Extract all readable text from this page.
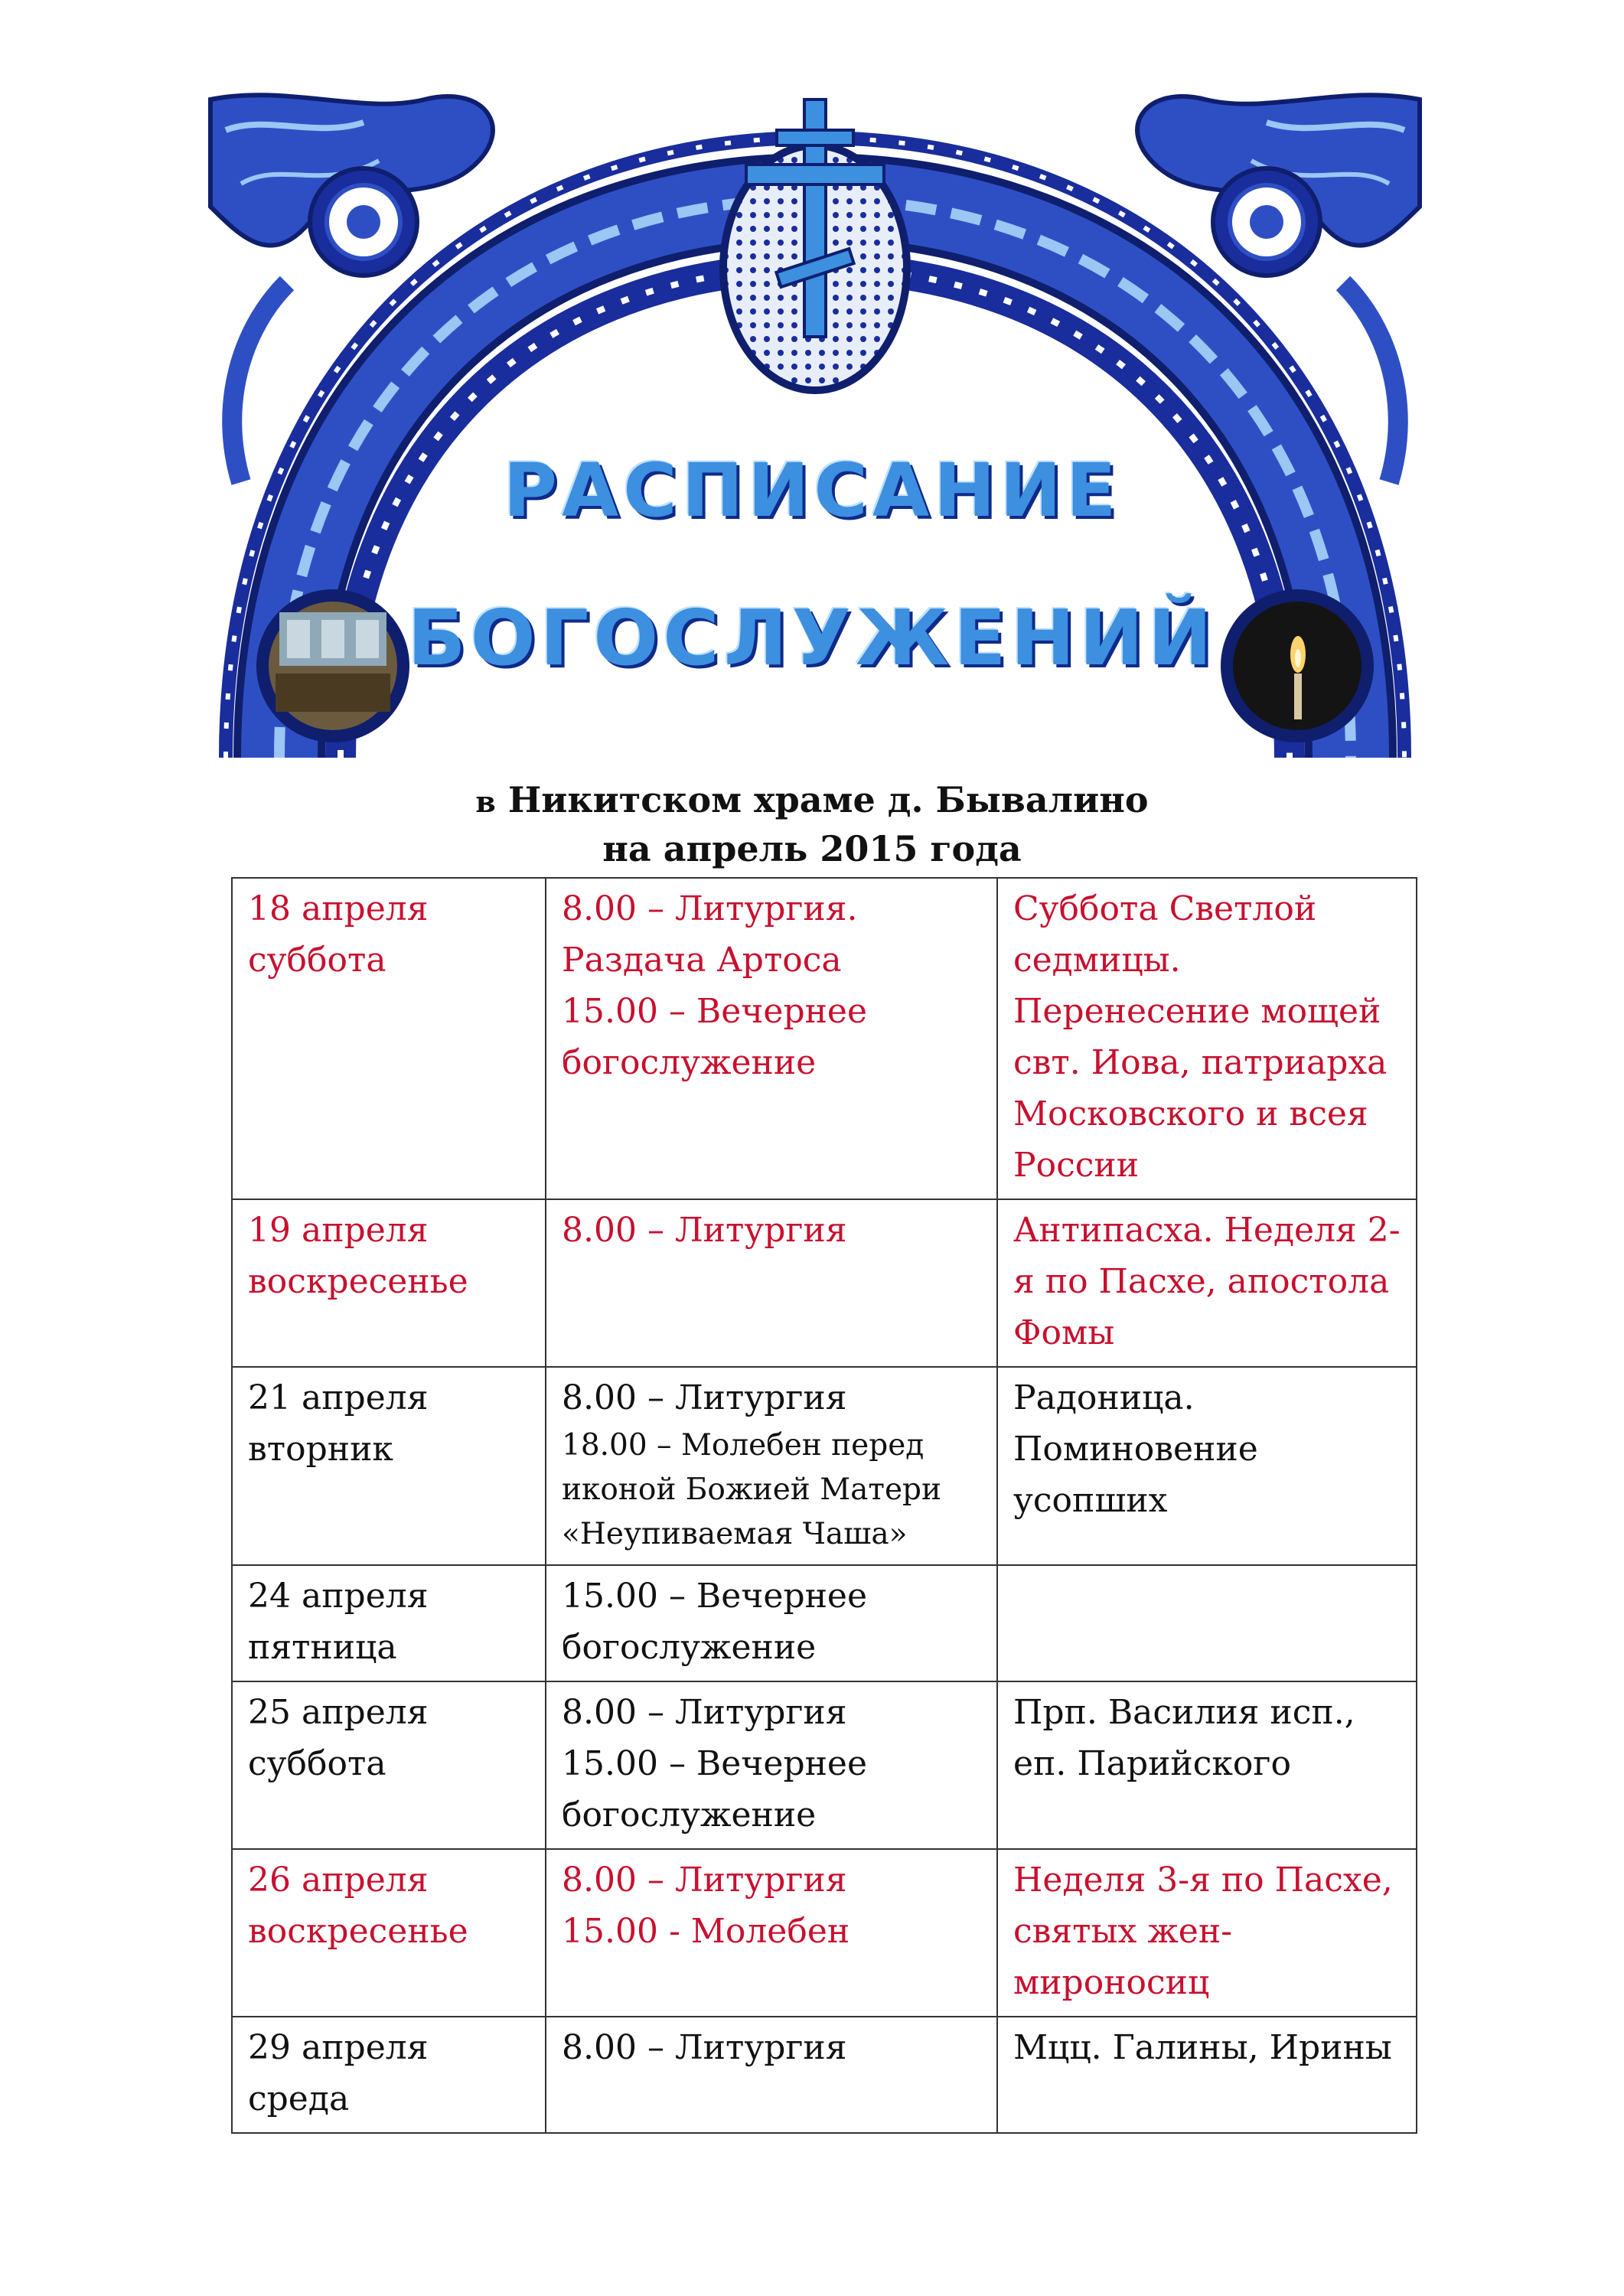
РАСПИСАНИЕ
БОГОСЛУЖЕНИЙ
в Никитском храме д. Бывалино
на апрель 2015 года
18 апреля
суббота	8.00 – Литургия.
Раздача Артоса
15.00 – Вечернее
богослужение	Суббота Светлой седмицы. Перенесение мощей свт. Иова, патриарха Московского и всея России

19 апреля
воскресенье	8.00 – Литургия	Антипасха. Неделя 2-я по Пасхе, апостола Фомы

21 апреля
вторник	8.00 – Литургия
18.00 – Молебен перед
иконой Божией Матери
«Неупиваемая Чаша»	Радоница. Поминовение усопших

24 апреля
пятница	15.00 – Вечернее
богослужение	

25 апреля
суббота	8.00 – Литургия
15.00 – Вечернее
богослужение	Прп. Василия исп., еп. Парийского

26 апреля
воскресенье	8.00 – Литургия
15.00 - Молебен	Неделя 3-я по Пасхе, святых жен-мироносиц

29 апреля
среда	8.00 – Литургия	Мцц. Галины, Ирины
